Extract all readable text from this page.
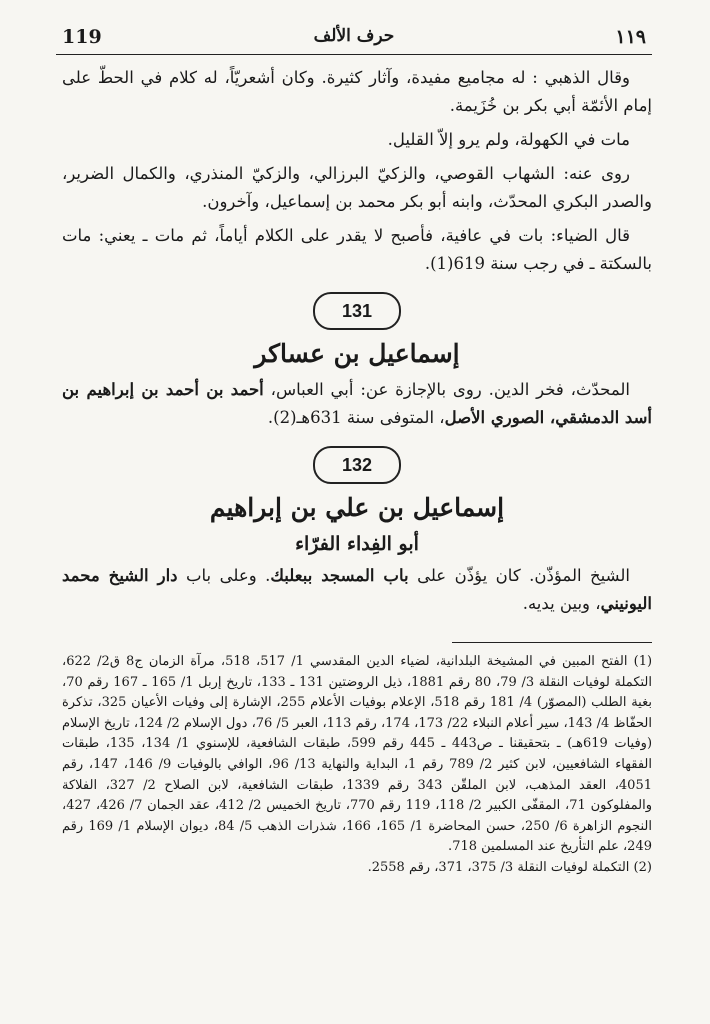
119	حرف الألف	١١٩

وقال الذهبي : له مجاميع مفيدة، وآثار كثيرة. وكان أشعريّاً، له كلام في الحطّ على إمام الأئمّة أبي بكر بن خُزَيمة.

مات في الكهولة، ولم يرو إلاّ القليل.

روى عنه: الشهاب القوصي، والزكيّ البرزالي، والزكيّ المنذري، والكمال الضرير، والصدر البكري المحدّث، وابنه أبو بكر محمد بن إسماعيل، وآخرون.

قال الضياء: بات في عافية، فأصبح لا يقدر على الكلام أياماً، ثم مات ـ يعني: مات بالسكتة ـ في رجب سنة 619(1).

131
إسماعيل بن عساكر

المحدّث، فخر الدين. روى بالإجازة عن: أبي العباس، أحمد بن أحمد بن إبراهيم بن أسد الدمشقي، الصوري الأصل، المتوفى سنة 631هـ(2).

132
إسماعيل بن علي بن إبراهيم
أبو الفِداء الفرّاء

الشيخ المؤذّن. كان يؤذّن على باب المسجد ببعلبك. وعلى باب دار الشيخ محمد اليونيني، وبين يديه.

(1) الفتح المبين في المشيخة البلدانية، لضياء الدين المقدسي 1/ 517، 518، مرآة الزمان ج8 ق2/ 622، التكملة لوفيات النقلة 3/ 79، 80 رقم 1881، ذيل الروضتين 131 ـ 133، تاريخ إربل 1/ 165 ـ 167 رقم 70، بغية الطلب (المصوّر) 4/ 181 رقم 518، الإعلام بوفيات الأعلام 255، الإشارة إلى وفيات الأعيان 325، تذكرة الحفّاظ 4/ 143، سير أعلام النبلاء 22/ 173، 174، رقم 113، العبر 5/ 76، دول الإسلام 2/ 124، تاريخ الإسلام (وفيات 619هـ) ـ بتحقيقنا ـ ص443 ـ 445 رقم 599، طبقات الشافعية، للإسنوي 1/ 134، 135، طبقات الفقهاء الشافعيين، لابن كثير 2/ 789 رقم 1، البداية والنهاية 13/ 96، الوافي بالوفيات 9/ 146، 147، رقم 4051، العقد المذهب، لابن الملقّن 343 رقم 1339، طبقات الشافعية، لابن الصلاح 2/ 327، الفلاكة والمفلوكون 71، المقفّى الكبير 2/ 118، 119 رقم 770، تاريخ الخميس 2/ 412، عقد الجمان 7/ 426، 427، النجوم الزاهرة 6/ 250، حسن المحاضرة 1/ 165، 166، شذرات الذهب 5/ 84، ديوان الإسلام 1/ 169 رقم 249، علم التأريخ عند المسلمين 718.

(2) التكملة لوفيات النقلة 3/ 375، 371، رقم 2558.
